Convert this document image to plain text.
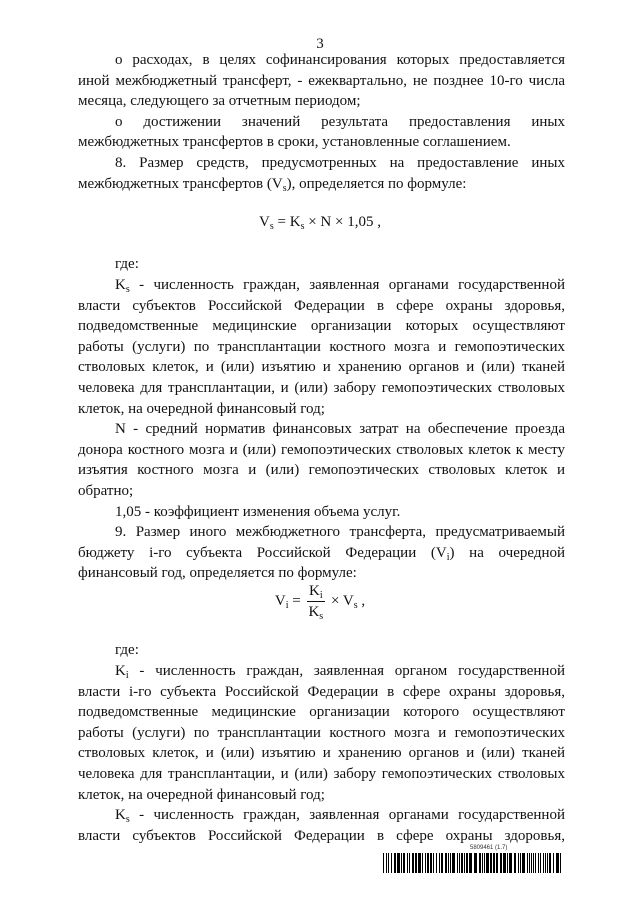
3
о расходах, в целях софинансирования которых предоставляется
иной межбюджетный трансферт, - ежеквартально, не позднее 10-го числа
месяца, следующего за отчетным периодом;
о достижении значений результата предоставления иных
межбюджетных трансфертов в сроки, установленные соглашением.
8. Размер средств, предусмотренных на предоставление иных
межбюджетных трансфертов $(V_s)$, определяется по формуле:
$V_s = K_s \times N \times 1,05$ ,
где:
$K_s$ - численность граждан, заявленная органами государственной
власти субъектов Российской Федерации в сфере охраны здоровья,
подведомственные медицинские организации которых осуществляют
работы (услуги) по трансплантации костного мозга и гемопоэтических
стволовых клеток, и (или) изъятию и хранению органов и (или) тканей
человека для трансплантации, и (или) забору гемопоэтических стволовых
клеток, на очередной финансовый год;
N - средний норматив финансовых затрат на обеспечение проезда
донора костного мозга и (или) гемопоэтических стволовых клеток к месту
изъятия костного мозга и (или) гемопоэтических стволовых клеток и
обратно;
1,05 - коэффициент изменения объема услуг.
9. Размер иного межбюджетного трансферта, предусматриваемый
бюджету i-го субъекта Российской Федерации $(V_i)$ на очередной
финансовый год, определяется по формуле:
$V_i = \frac{K_i}{K_s} \times V_s$ ,
где:
$K_i$ - численность граждан, заявленная органом государственной
власти i-го субъекта Российской Федерации в сфере охраны здоровья,
подведомственные медицинские организации которого осуществляют
работы (услуги) по трансплантации костного мозга и гемопоэтических
стволовых клеток, и (или) изъятию и хранению органов и (или) тканей
человека для трансплантации, и (или) забору гемопоэтических стволовых
клеток, на очередной финансовый год;
$K_s$ - численность граждан, заявленная органами государственной
власти субъектов Российской Федерации в сфере охраны здоровья,
5809461 (1.7)
